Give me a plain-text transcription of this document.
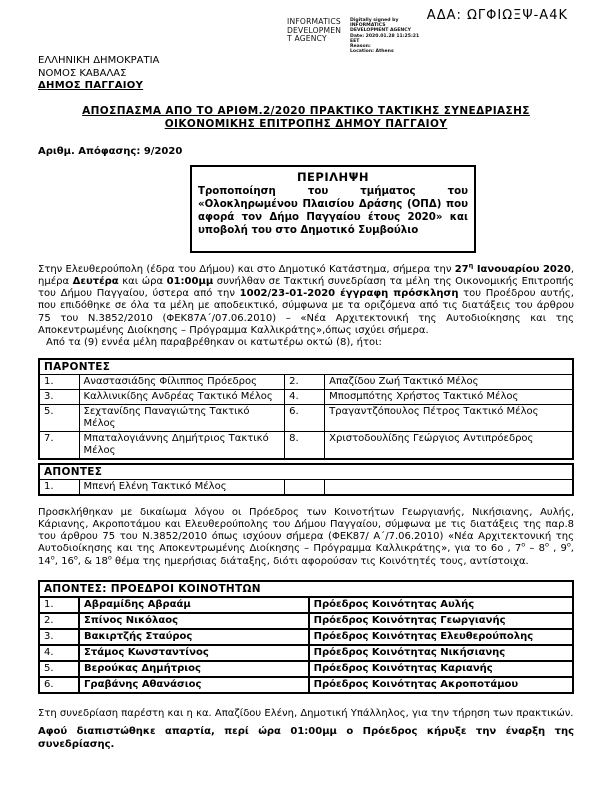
ΑΔΑ: ΩΓΦΙΩΞΨ-Α4Κ
INFORMATICS
DEVELOPMEN
T AGENCY
Digitally signed by
INFORMATICS
DEVELOPMENT AGENCY
Date: 2020.01.28 11:25:21
EET
Reason:
Location: Athens
ΕΛΛΗΝΙΚΗ ΔΗΜΟΚΡΑΤΙΑ
ΝΟΜΟΣ ΚΑΒΑΛΑΣ
ΔΗΜΟΣ ΠΑΓΓΑΙΟΥ
ΑΠΟΣΠΑΣΜΑ ΑΠΟ ΤΟ ΑΡΙΘΜ.2/2020 ΠΡΑΚΤΙΚΟ ΤΑΚΤΙΚΗΣ ΣΥΝΕΔΡΙΑΣΗΣ
ΟΙΚΟΝΟΜΙΚΗΣ ΕΠΙΤΡΟΠΗΣ ΔΗΜΟΥ ΠΑΓΓΑΙΟΥ
Αριθμ. Απόφασης: 9/2020
ΠΕΡΙΛΗΨΗ
Τροποποίηση του τμήματος του «Ολοκληρωμένου Πλαισίου Δράσης (ΟΠΔ) που αφορά τον Δήμο Παγγαίου έτους 2020» και υποβολή του στο Δημοτικό Συμβούλιο
Στην Ελευθερούπολη (έδρα του Δήμου) και στο Δημοτικό Κατάστημα, σήμερα την $27^\eta$ Ιανουαρίου 2020, ημέρα Δευτέρα και ώρα 01:00μμ συνήλθαν σε Τακτική συνεδρίαση τα μέλη της Οικονομικής Επιτροπής του Δήμου Παγγαίου, ύστερα από την 1002/23-01-2020 έγγραφη πρόσκληση του Προέδρου αυτής, που επιδόθηκε σε όλα τα μέλη με αποδεικτικό, σύμφωνα με τα οριζόμενα από τις διατάξεις του άρθρου 75 του Ν.3852/2010 (ΦΕΚ87Α΄/07.06.2010) – «Νέα Αρχιτεκτονική της Αυτοδιοίκησης και της Αποκεντρωμένης Διοίκησης – Πρόγραμμα Καλλικράτης»,όπως ισχύει σήμερα.
Από τα (9) εννέα μέλη παραβρέθηκαν οι κατωτέρω οκτώ (8), ήτοι:
ΠΑΡΟΝΤΕΣ			
1.	Αναστασιάδης Φίλιππος Πρόεδρος	2.	Απαζίδου Ζωή Τακτικό Μέλος
3.	Καλλινικίδης Ανδρέας Τακτικό Μέλος	4.	Μποσμπότης Χρήστος Τακτικό Μέλος
5.	Σεχτανίδης Παναγιώτης Τακτικό Μέλος	6.	Τραγαντζόπουλος Πέτρος Τακτικό Μέλος
7.	Μπαταλογιάννης Δημήτριος Τακτικό Μέλος	8.	Χριστοδουλίδης Γεώργιος Αντιπρόεδρος
ΑΠΟΝΤΕΣ
1.	Μπενή Ελένη Τακτικό Μέλος		
Προσκλήθηκαν με δικαίωμα λόγου οι Πρόεδρος των Κοινοτήτων Γεωργιανής, Νικήσιανης, Αυλής, Κάριανης, Ακροποτάμου και Ελευθερούπολης του Δήμου Παγγαίου, σύμφωνα με τις διατάξεις της παρ.8 του άρθρου 75 του Ν.3852/2010 όπως ισχύουν σήμερα (ΦΕΚ87/ Α΄/7.06.2010) «Νέα Αρχιτεκτονική της Αυτοδιοίκησης και της Αποκεντρωμένης Διοίκησης – Πρόγραμμα Καλλικράτης», για το 6ο , $7^o - 8^o$ , $9^o$, $14^o$, $16^o$, & $18^o$ θέμα της ημερήσιας διάταξης, διότι αφορούσαν τις Κοινότητές τους, αντίστοιχα.
ΑΠΟΝΤΕΣ: ΠΡΟΕΔΡΟΙ ΚΟΙΝΟΤΗΤΩΝ		
1.	Αβραμίδης Αβραάμ	Πρόεδρος Κοινότητας Αυλής
2.	Σπίνος Νικόλαος	Πρόεδρος Κοινότητας Γεωργιανής
3.	Βακιρτζής Σταύρος	Πρόεδρος Κοινότητας Ελευθερούπολης
4.	Στάμος Κωνσταντίνος	Πρόεδρος Κοινότητας Νικήσιανης
5.	Βερούκας Δημήτριος	Πρόεδρος Κοινότητας Καριανής
6.	Γραβάνης Αθανάσιος	Πρόεδρος Κοινότητας Ακροποτάμου
Στη συνεδρίαση παρέστη και η κα. Απαζίδου Ελένη, Δημοτική Υπάλληλος, για την τήρηση των πρακτικών.
Αφού διαπιστώθηκε απαρτία, περί ώρα 01:00μμ ο Πρόεδρος κήρυξε την έναρξη της συνεδρίασης.
